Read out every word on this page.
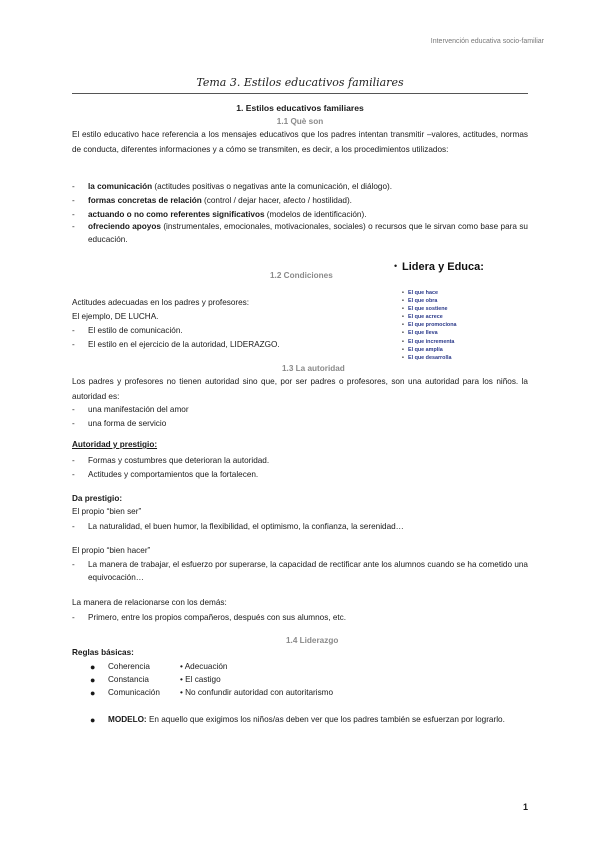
Intervención educativa socio-familiar
Tema 3. Estilos educativos familiares
1. Estilos educativos familiares
1.1 Què son
El estilo educativo hace referencia a los mensajes educativos que los padres intentan transmitir –valores, actitudes, normas de conducta, diferentes informaciones y a cómo se transmiten, es decir, a los procedimientos utilizados:
- la comunicación (actitudes positivas o negativas ante la comunicación, el diálogo).
- formas concretas de relación (control / dejar hacer, afecto / hostilidad).
- actuando o no como referentes significativos (modelos de identificación).
- ofreciendo apoyos (instrumentales, emocionales, motivacionales, sociales) o recursos que le sirvan como base para su educación.
1.2 Condiciones
Actitudes adecuadas en los padres y profesores:
El ejemplo, DE LUCHA.
- El estilo de comunicación.
- El estilo en el ejercicio de la autoridad, LIDERAZGO.
• Lidera y Educa:
• El que hace
• El que obra
• El que sostiene
• El que acrece
• El que promociona
• El que lleva
• El que incrementa
• El que amplía
• El que desarrolla
1.3 La autoridad
Los padres y profesores no tienen autoridad sino que, por ser padres o profesores, son una autoridad para los niños. la autoridad es:
- una manifestación del amor
- una forma de servicio
Autoridad y prestigio:
- Formas y costumbres que deterioran la autoridad.
- Actitudes y comportamientos que la fortalecen.
Da prestigio:
El propio “bien ser”
- La naturalidad, el buen humor, la flexibilidad, el optimismo, la confianza, la serenidad…
El propio “bien hacer”
- La manera de trabajar, el esfuerzo por superarse, la capacidad de rectificar ante los alumnos cuando se ha cometido una equivocación…
La manera de relacionarse con los demás:
- Primero, entre los propios compañeros, después con sus alumnos, etc.
1.4 Liderazgo
Reglas básicas:
● Coherencia	• Adecuación
● Constancia	• El castigo
● Comunicación • No confundir autoridad con autoritarismo
● MODELO: En aquello que exigimos los niños/as deben ver que los padres también se esfuerzan por lograrlo.
1
